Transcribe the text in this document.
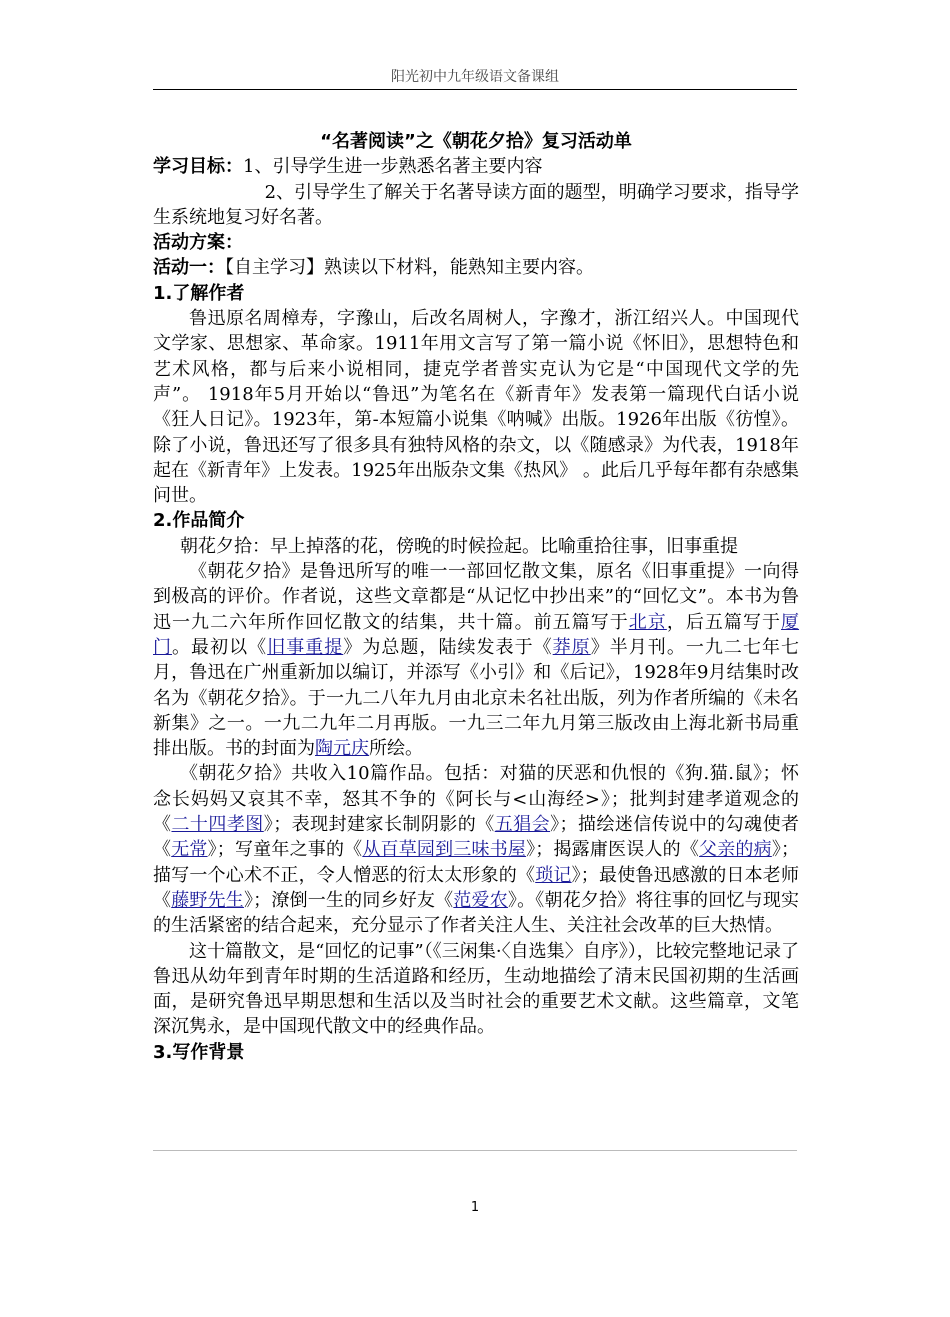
阳光初中九年级语文备课组

“名著阅读”之《朝花夕拾》复习活动单

学习目标：1、引导学生进一步熟悉名著主要内容

2、引导学生了解关于名著导读方面的题型，明确学习要求，指导学生系统地复习好名著。

活动方案：

活动一：【自主学习】熟读以下材料，能熟知主要内容。

1.了解作者

鲁迅原名周樟寿，字豫山，后改名周树人，字豫才，浙江绍兴人。中国现代文学家、思想家、革命家。1911年用文言写了第一篇小说《怀旧》，思想特色和艺术风格，都与后来小说相同，捷克学者普实克认为它是“中国现代文学的先声”。 1918年5月开始以“鲁迅”为笔名在《新青年》发表第一篇现代白话小说《狂人日记》。1923年，第-本短篇小说集《呐喊》出版。1926年出版《彷惶》。除了小说，鲁迅还写了很多具有独特风格的杂文，以《随感录》为代表，1918年起在《新青年》上发表。1925年出版杂文集《热风》 。此后几乎每年都有杂感集问世。

2.作品简介

朝花夕拾：早上掉落的花，傍晚的时候捡起。比喻重拾往事，旧事重提

《朝花夕拾》是鲁迅所写的唯一一部回忆散文集，原名《旧事重提》一向得到极高的评价。作者说，这些文章都是“从记忆中抄出来”的“回忆文”。本书为鲁迅一九二六年所作回忆散文的结集，共十篇。前五篇写于北京，后五篇写于厦门。最初以《旧事重提》为总题，陆续发表于《莽原》半月刊。一九二七年七月，鲁迅在广州重新加以编订，并添写《小引》和《后记》，1928年9月结集时改名为《朝花夕拾》。于一九二八年九月由北京未名社出版，列为作者所编的《未名新集》之一。一九二九年二月再版。一九三二年九月第三版改由上海北新书局重排出版。书的封面为陶元庆所绘。

《朝花夕拾》共收入10篇作品。包括：对猫的厌恶和仇恨的《狗.猫.鼠》；怀念长妈妈又哀其不幸，怒其不争的《阿长与<山海经>》；批判封建孝道观念的《二十四孝图》；表现封建家长制阴影的《五猖会》；描绘迷信传说中的勾魂使者《无常》；写童年之事的《从百草园到三味书屋》；揭露庸医误人的《父亲的病》；描写一个心术不正，令人憎恶的衍太太形象的《琐记》；最使鲁迅感激的日本老师《藤野先生》；潦倒一生的同乡好友《范爱农》。《朝花夕拾》将往事的回忆与现实的生活紧密的结合起来，充分显示了作者关注人生、关注社会改革的巨大热情。

这十篇散文，是“回忆的记事”（《三闲集·〈自选集〉自序》），比较完整地记录了鲁迅从幼年到青年时期的生活道路和经历，生动地描绘了清末民国初期的生活画面，是研究鲁迅早期思想和生活以及当时社会的重要艺术文献。这些篇章，文笔深沉隽永，是中国现代散文中的经典作品。

3.写作背景

1
